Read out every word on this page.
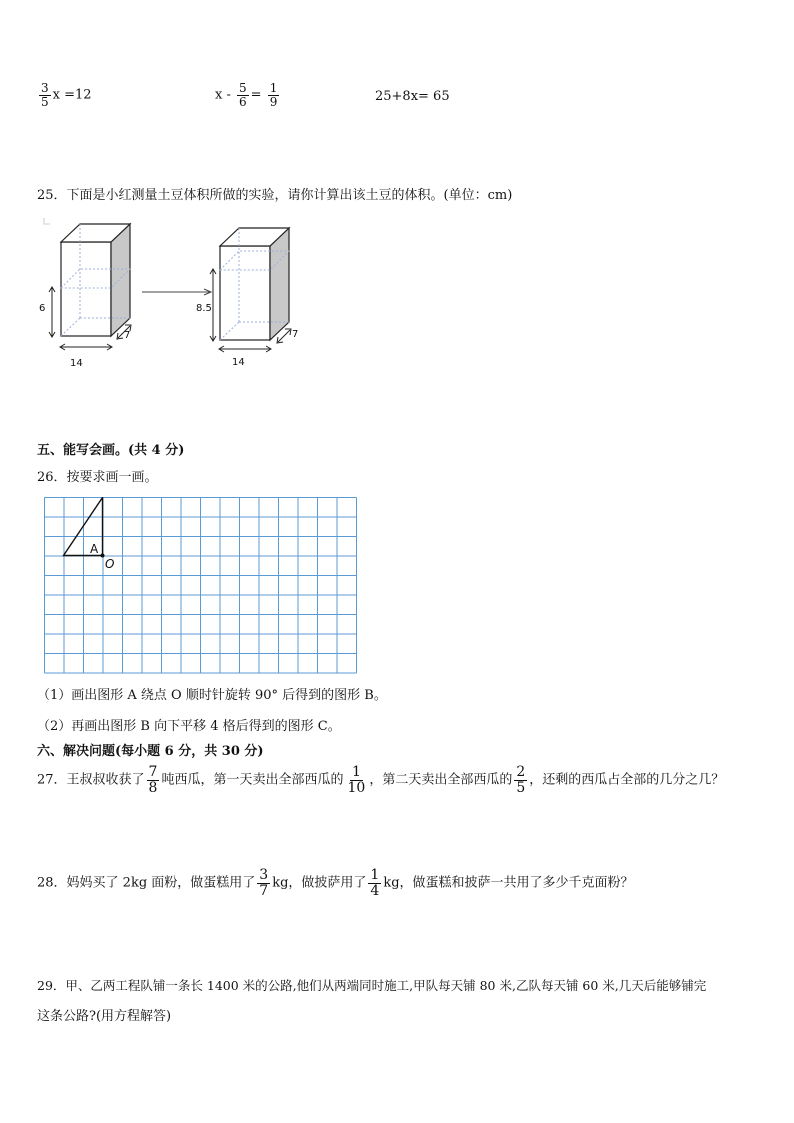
$\frac{3}{5}$ x =12	$x - \frac{5}{6} = \frac{1}{9}$	25+8x= 65
25．下面是小红测量土豆体积所做的实验，请你计算出该土豆的体积。(单位：cm)
6
14
7
8.5
14
7
五、能写会画。(共 4 分)
26．按要求画一画。
A
O
（1）画出图形 A 绕点 O 顺时针旋转 90° 后得到的图形 B。
（2）再画出图形 B 向下平移 4 格后得到的图形 C。
六、解决问题(每小题 6 分，共 30 分)
27．王叔叔收获了 $\frac{7}{8}$ 吨西瓜，第一天卖出全部西瓜的 $\frac{1}{10}$ ，第二天卖出全部西瓜的 $\frac{2}{5}$ ，还剩的西瓜占全部的几分之几？
28．妈妈买了 2kg 面粉，做蛋糕用了 $\frac{3}{7}$ kg，做披萨用了 $\frac{1}{4}$ kg，做蛋糕和披萨一共用了多少千克面粉？
29．甲、乙两工程队铺一条长 1400 米的公路,他们从两端同时施工,甲队每天铺 80 米,乙队每天铺 60 米,几天后能够铺完
这条公路?(用方程解答)
